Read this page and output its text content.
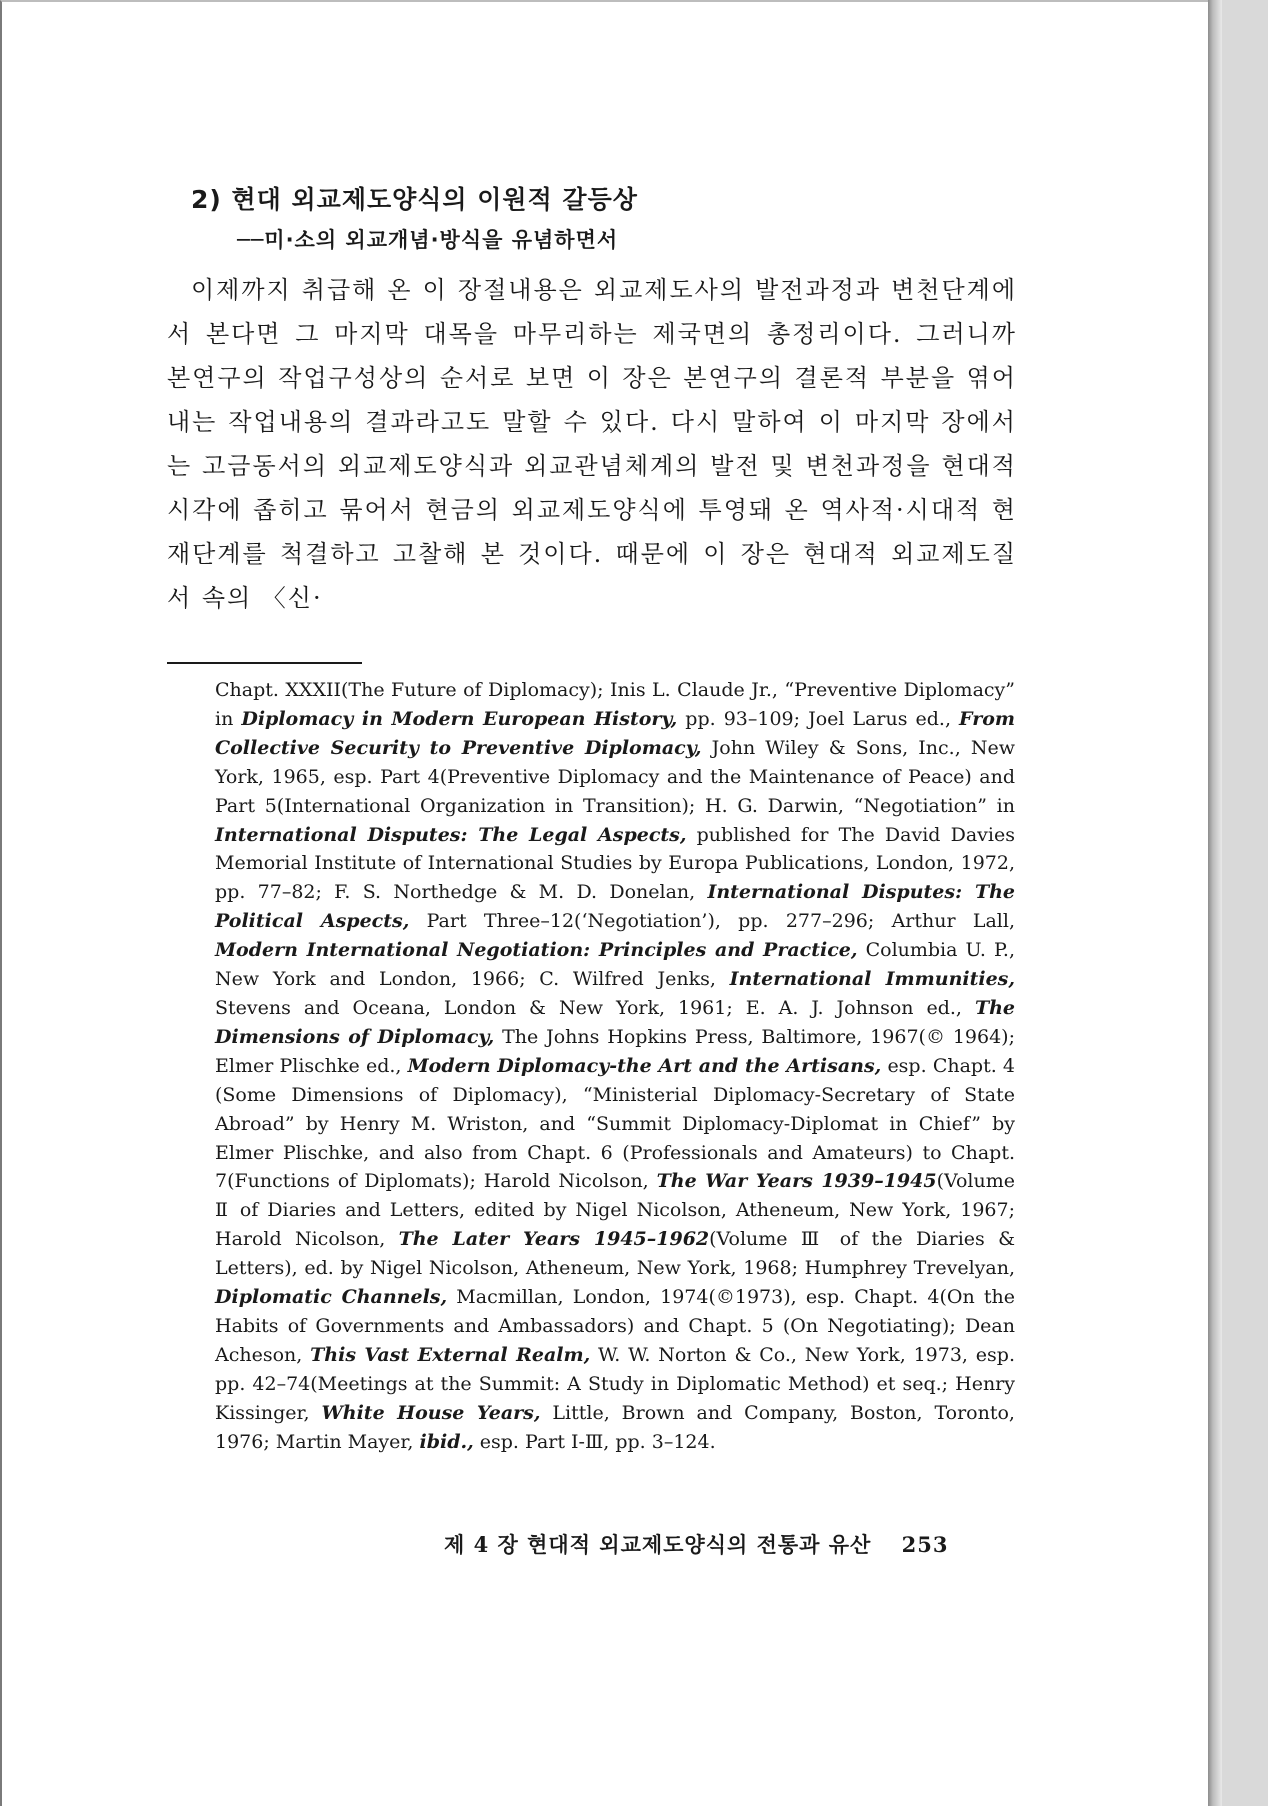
2) 현대 외교제도양식의 이원적 갈등상
──미·소의 외교개념·방식을 유념하면서

이제까지 취급해 온 이 장절내용은 외교제도사의 발전과정과 변천단계에서 본다면 그 마지막 대목을 마무리하는 제국면의 총정리이다. 그러니까 본연구의 작업구성상의 순서로 보면 이 장은 본연구의 결론적 부분을 엮어내는 작업내용의 결과라고도 말할 수 있다. 다시 말하여 이 마지막 장에서는 고금동서의 외교제도양식과 외교관념체계의 발전 및 변천과정을 현대적 시각에 좁히고 묶어서 현금의 외교제도양식에 투영돼 온 역사적·시대적 현재단계를 척결하고 고찰해 본 것이다. 때문에 이 장은 현대적 외교제도질서 속의 〈신·

Chapt. XXXII(The Future of Diplomacy); Inis L. Claude Jr., “Preventive Diplomacy” in Diplomacy in Modern European History, pp. 93–109; Joel Larus ed., From Collective Security to Preventive Diplomacy, John Wiley & Sons, Inc., New York, 1965, esp. Part 4(Preventive Diplomacy and the Maintenance of Peace) and Part 5(International Organization in Transition); H. G. Darwin, “Negotiation” in International Disputes: The Legal Aspects, published for The David Davies Memorial Institute of International Studies by Europa Publications, London, 1972, pp. 77–82; F. S. Northedge & M. D. Donelan, International Disputes: The Political Aspects, Part Three–12(‘Negotiation’), pp. 277–296; Arthur Lall, Modern International Negotiation: Principles and Practice, Columbia U. P., New York and London, 1966; C. Wilfred Jenks, International Immunities, Stevens and Oceana, London & New York, 1961; E. A. J. Johnson ed., The Dimensions of Diplomacy, The Johns Hopkins Press, Baltimore, 1967(© 1964); Elmer Plischke ed., Modern Diplomacy-the Art and the Artisans, esp. Chapt. 4 (Some Dimensions of Diplomacy), “Ministerial Diplomacy-Secretary of State Abroad” by Henry M. Wriston, and “Summit Diplomacy-Diplomat in Chief” by Elmer Plischke, and also from Chapt. 6 (Professionals and Amateurs) to Chapt. 7(Functions of Diplomats); Harold Nicolson, The War Years 1939–1945(Volume Ⅱ of Diaries and Letters, edited by Nigel Nicolson, Atheneum, New York, 1967; Harold Nicolson, The Later Years 1945–1962(Volume Ⅲ of the Diaries & Letters), ed. by Nigel Nicolson, Atheneum, New York, 1968; Humphrey Trevelyan, Diplomatic Channels, Macmillan, London, 1974(©1973), esp. Chapt. 4(On the Habits of Governments and Ambassadors) and Chapt. 5 (On Negotiating); Dean Acheson, This Vast External Realm, W. W. Norton & Co., New York, 1973, esp. pp. 42–74(Meetings at the Summit: A Study in Diplomatic Method) et seq.; Henry Kissinger, White House Years, Little, Brown and Company, Boston, Toronto, 1976; Martin Mayer, ibid., esp. Part Ⅰ-Ⅲ, pp. 3–124.

제 4 장 현대적 외교제도양식의 전통과 유산 253
